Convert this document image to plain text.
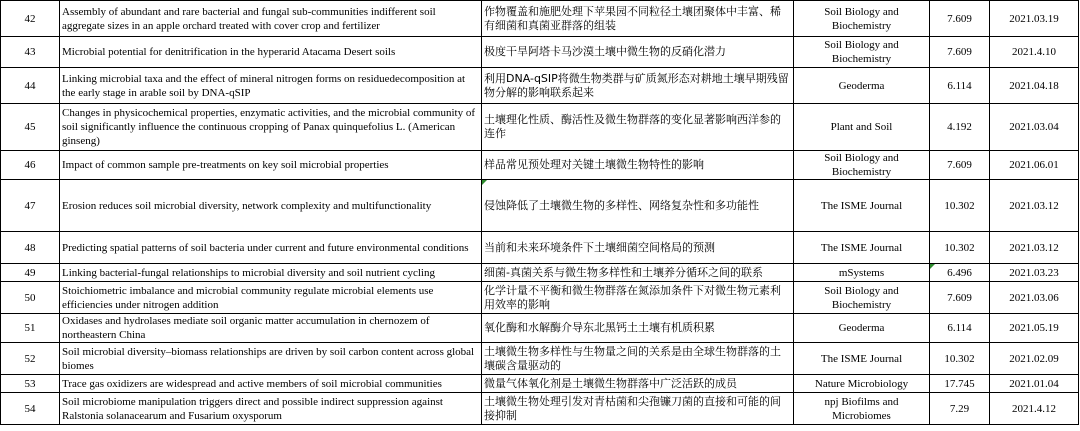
42	Assembly of abundant and rare bacterial and fungal sub-communities indifferent soil aggregate sizes in an apple orchard treated with cover crop and fertilizer	作物覆盖和施肥处理下苹果园不同粒径土壤团聚体中丰富、稀有细菌和真菌亚群落的组装	Soil Biology and Biochemistry	7.609	2021.03.19
43	Microbial potential for denitrification in the hyperarid Atacama Desert soils	极度干旱阿塔卡马沙漠土壤中微生物的反硝化潜力	Soil Biology and Biochemistry	7.609	2021.4.10
44	Linking microbial taxa and the effect of mineral nitrogen forms on residuedecomposition at the early stage in arable soil by DNA-qSIP	利用DNA-qSIP将微生物类群与矿质氮形态对耕地土壤早期残留物分解的影响联系起来	Geoderma	6.114	2021.04.18
45	Changes in physicochemical properties, enzymatic activities, and the microbial community of soil significantly influence the continuous cropping of Panax quinquefolius L. (American ginseng)	土壤理化性质、酶活性及微生物群落的变化显著影响西洋参的连作	Plant and Soil	4.192	2021.03.04
46	Impact of common sample pre-treatments on key soil microbial properties	样品常见预处理对关键土壤微生物特性的影响	Soil Biology and Biochemistry	7.609	2021.06.01
47	Erosion reduces soil microbial diversity, network complexity and multifunctionality	侵蚀降低了土壤微生物的多样性、网络复杂性和多功能性	The ISME Journal	10.302	2021.03.12
48	Predicting spatial patterns of soil bacteria under current and future environmental conditions	当前和未来环境条件下土壤细菌空间格局的预测	The ISME Journal	10.302	2021.03.12
49	Linking bacterial-fungal relationships to microbial diversity and soil nutrient cycling	细菌-真菌关系与微生物多样性和土壤养分循环之间的联系	mSystems	6.496	2021.03.23
50	Stoichiometric imbalance and microbial community regulate microbial elements use efficiencies under nitrogen addition	化学计量不平衡和微生物群落在氮添加条件下对微生物元素利用效率的影响	Soil Biology and Biochemistry	7.609	2021.03.06
51	Oxidases and hydrolases mediate soil organic matter accumulation in chernozem of northeastern China	氧化酶和水解酶介导东北黑钙土土壤有机质积累	Geoderma	6.114	2021.05.19
52	Soil microbial diversity–biomass relationships are driven by soil carbon content across global biomes	土壤微生物多样性与生物量之间的关系是由全球生物群落的土壤碳含量驱动的	The ISME Journal	10.302	2021.02.09
53	Trace gas oxidizers are widespread and active members of soil microbial communities	微量气体氧化剂是土壤微生物群落中广泛活跃的成员	Nature Microbiology	17.745	2021.01.04
54	Soil microbiome manipulation triggers direct and possible indirect suppression against Ralstonia solanacearum and Fusarium oxysporum	土壤微生物处理引发对青枯菌和尖孢镰刀菌的直接和可能的间接抑制	npj Biofilms and Microbiomes	7.29	2021.4.12
